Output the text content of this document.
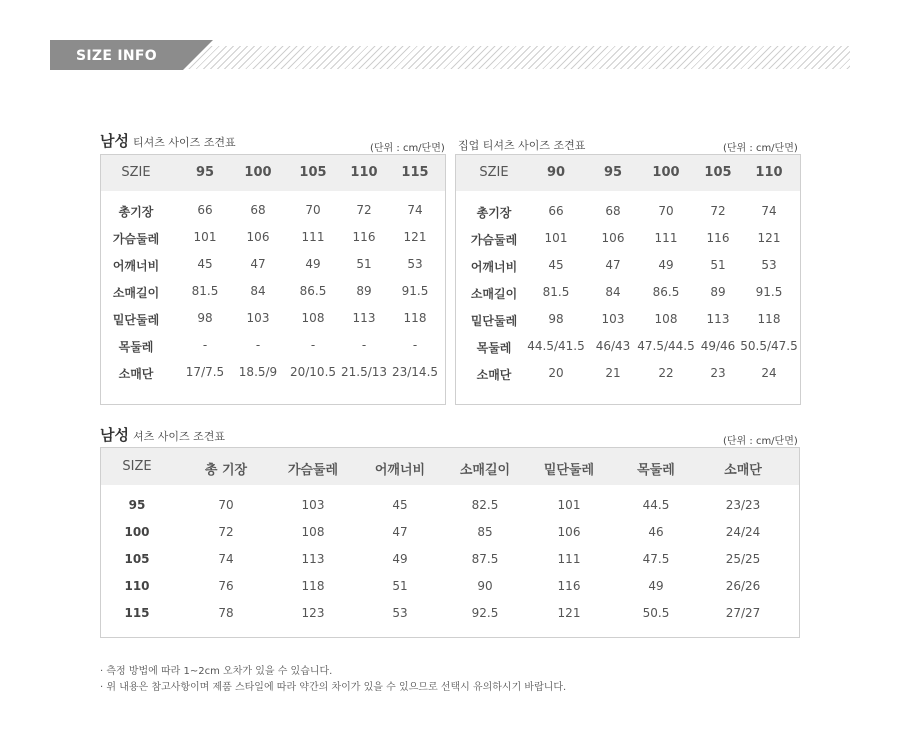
SIZE INFO
남성 티셔츠 사이즈 조견표	(단위 : cm/단면)
SZIE	95	100	105	110	115
총기장	66	68	70	72	74
가슴둘레	101	106	111	116	121
어깨너비	45	47	49	51	53
소매길이	81.5	84	86.5	89	91.5
밑단둘레	98	103	108	113	118
목둘레	-	-	-	-	-
소매단	17/7.5	18.5/9	20/10.5 21.5/13 23/14.5
집업 티셔츠 사이즈 조견표	(단위 : cm/단면)
SZIE	90	95	100	105	110
총기장	66	68	70	72	74
가슴둘레	101	106	111	116	121
어깨너비	45	47	49	51	53
소매길이	81.5	84	86.5	89	91.5
밑단둘레	98	103	108	113	118
목둘레	44.5/41.5 46/43 47.5/44.5 49/46 50.5/47.5
소매단	20	21	22	23	24
남성 셔츠 사이즈 조견표	(단위 : cm/단면)
SIZE	총 기장	가슴둘레	어깨너비	소매길이	밑단둘레	목둘레	소매단
95	70	103	45	82.5	101	44.5	23/23
100	72	108	47	85	106	46	24/24
105	74	113	49	87.5	111	47.5	25/25
110	76	118	51	90	116	49	26/26
115	78	123	53	92.5	121	50.5	27/27
· 측정 방법에 따라 1~2cm 오차가 있을 수 있습니다.
· 위 내용은 참고사항이며 제품 스타일에 따라 약간의 차이가 있을 수 있으므로 선택시 유의하시기 바랍니다.
